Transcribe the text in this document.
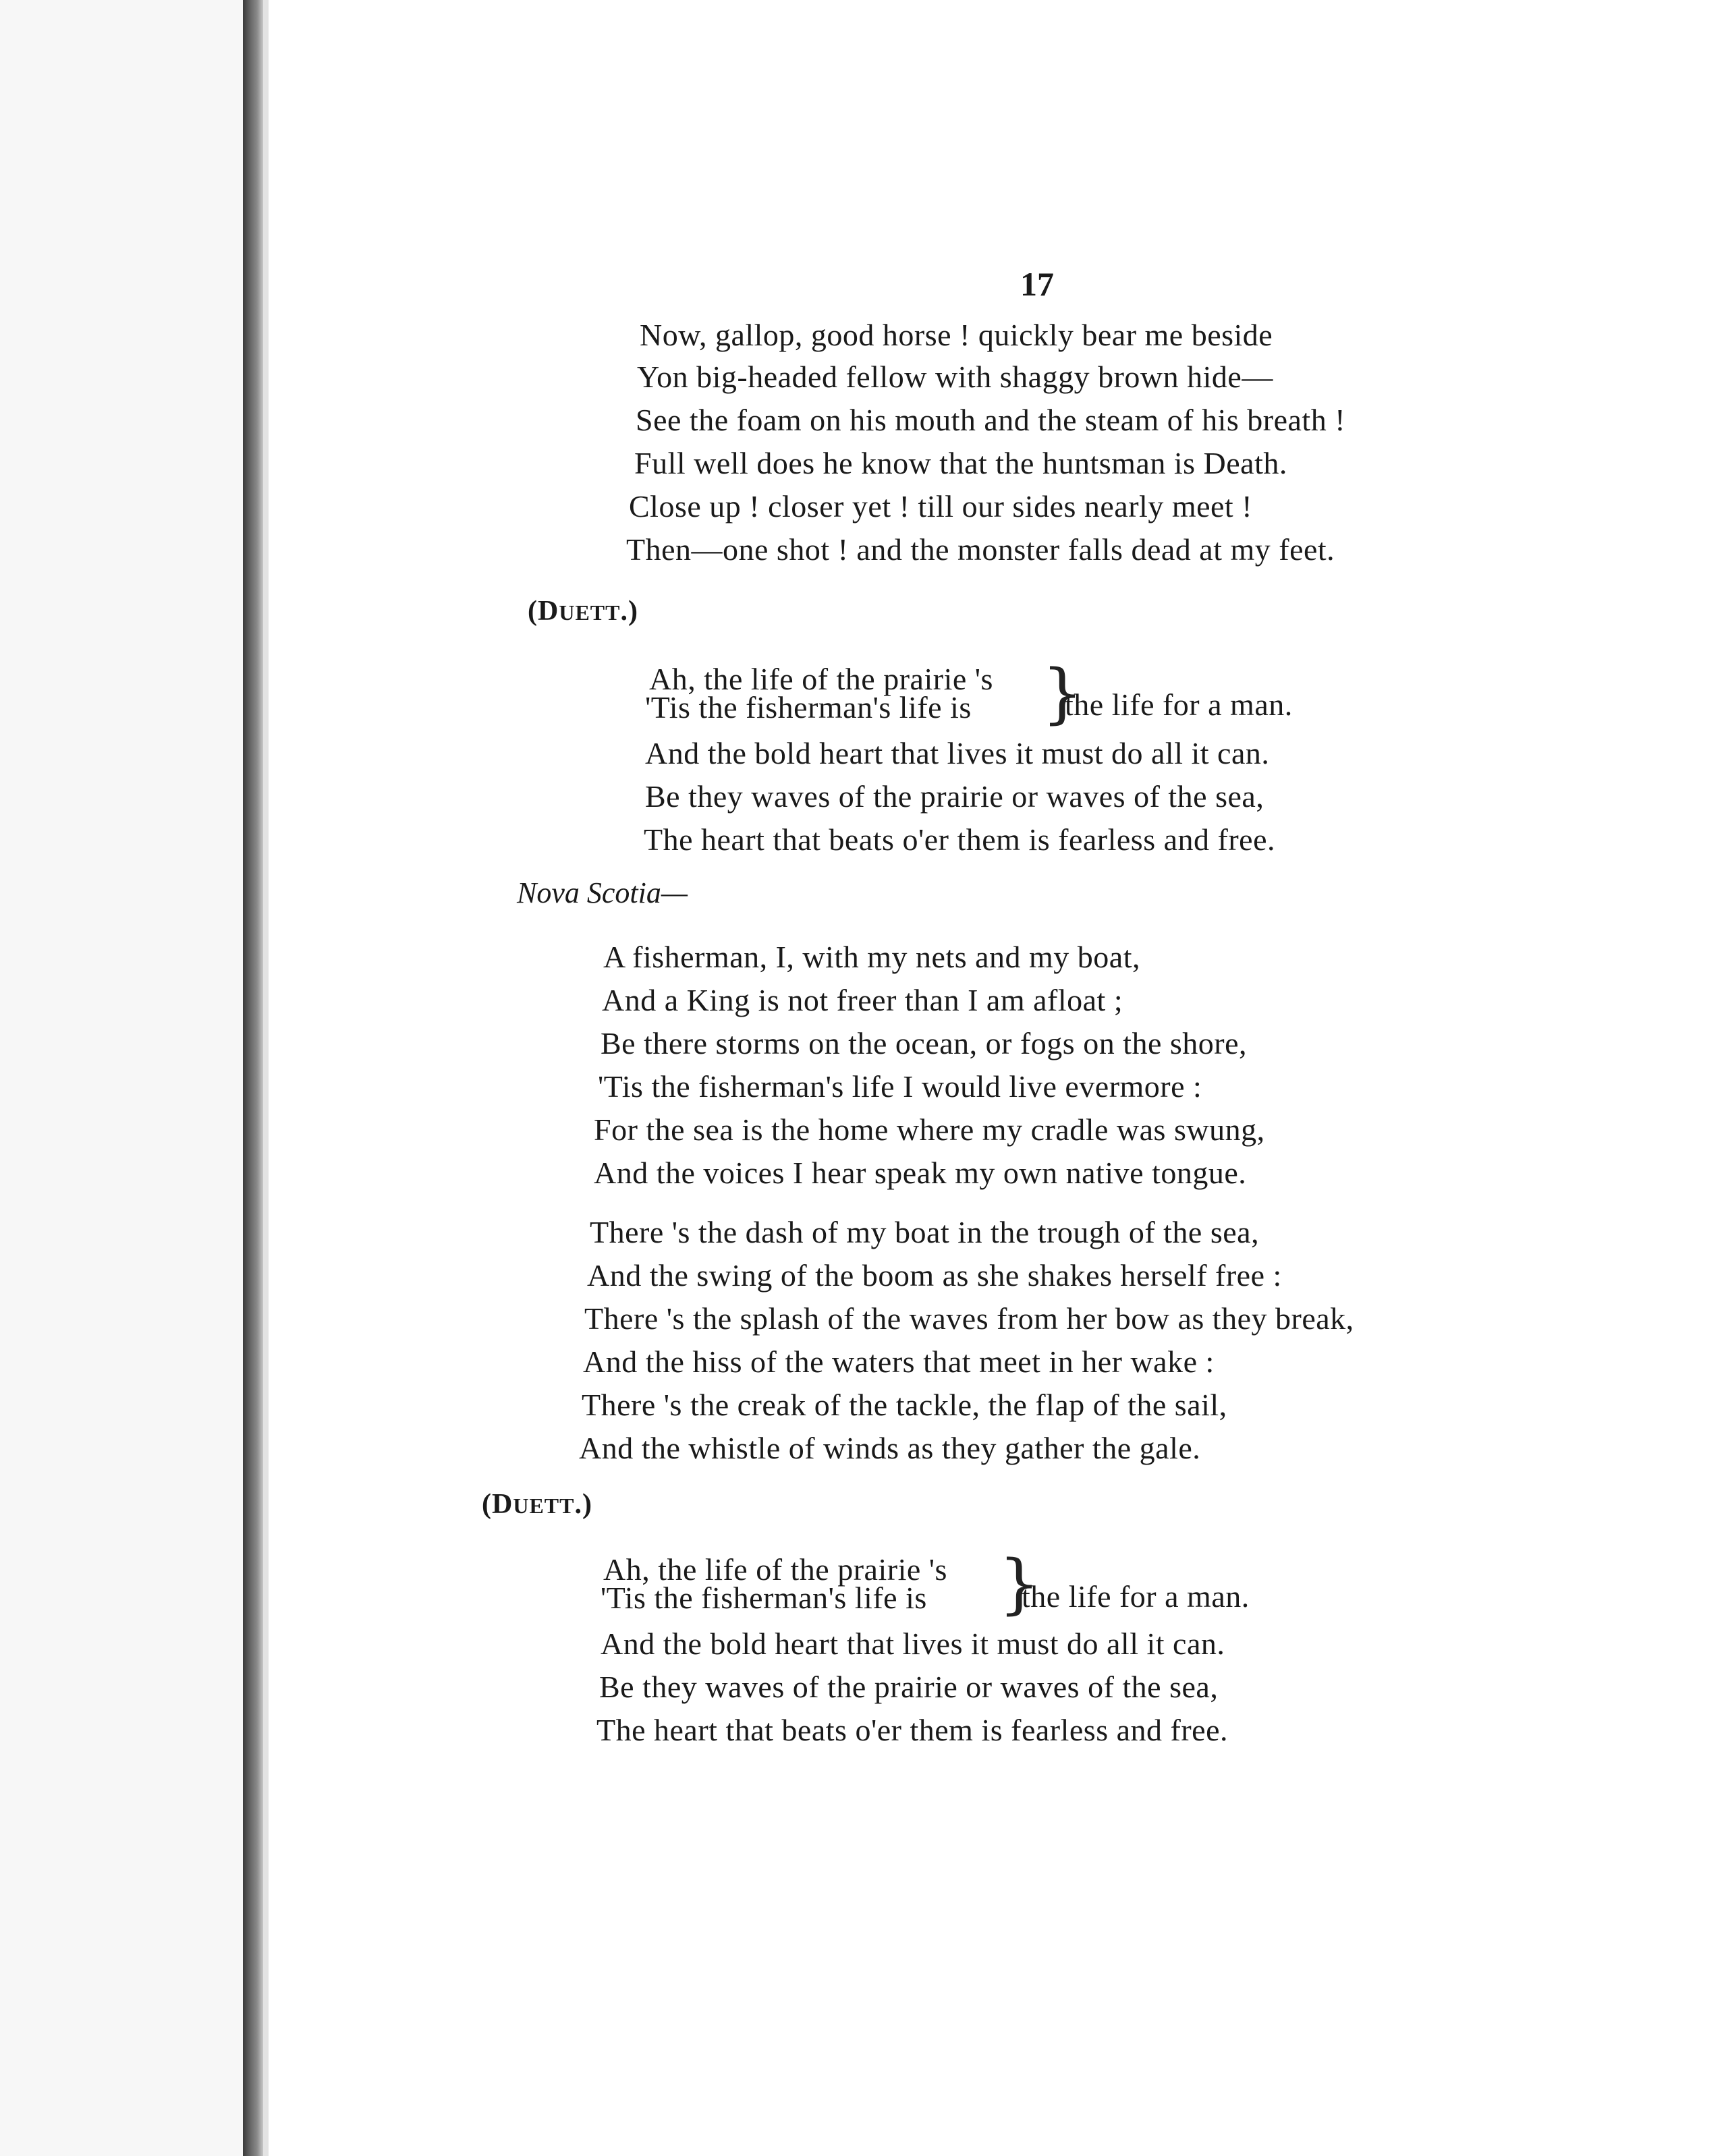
17
Now, gallop, good horse ! quickly bear me beside
Yon big-headed fellow with shaggy brown hide—
See the foam on his mouth and the steam of his breath !
Full well does he know that the huntsman is Death.
Close up ! closer yet ! till our sides nearly meet !
Then—one shot ! and the monster falls dead at my feet.
(DUETT.)
Ah, the life of the prairie 's
'Tis the fisherman's life is }
the life for a man.
And the bold heart that lives it must do all it can.
Be they waves of the prairie or waves of the sea,
The heart that beats o'er them is fearless and free.
Nova Scotia—
A fisherman, I, with my nets and my boat,
And a King is not freer than I am afloat ;
Be there storms on the ocean, or fogs on the shore,
'Tis the fisherman's life I would live evermore :
For the sea is the home where my cradle was swung,
And the voices I hear speak my own native tongue.
There 's the dash of my boat in the trough of the sea,
And the swing of the boom as she shakes herself free :
There 's the splash of the waves from her bow as they break,
And the hiss of the waters that meet in her wake :
There 's the creak of the tackle, the flap of the sail,
And the whistle of winds as they gather the gale.
(DUETT.)
Ah, the life of the prairie 's
'Tis the fisherman's life is }
the life for a man.
And the bold heart that lives it must do all it can.
Be they waves of the prairie or waves of the sea,
The heart that beats o'er them is fearless and free.
